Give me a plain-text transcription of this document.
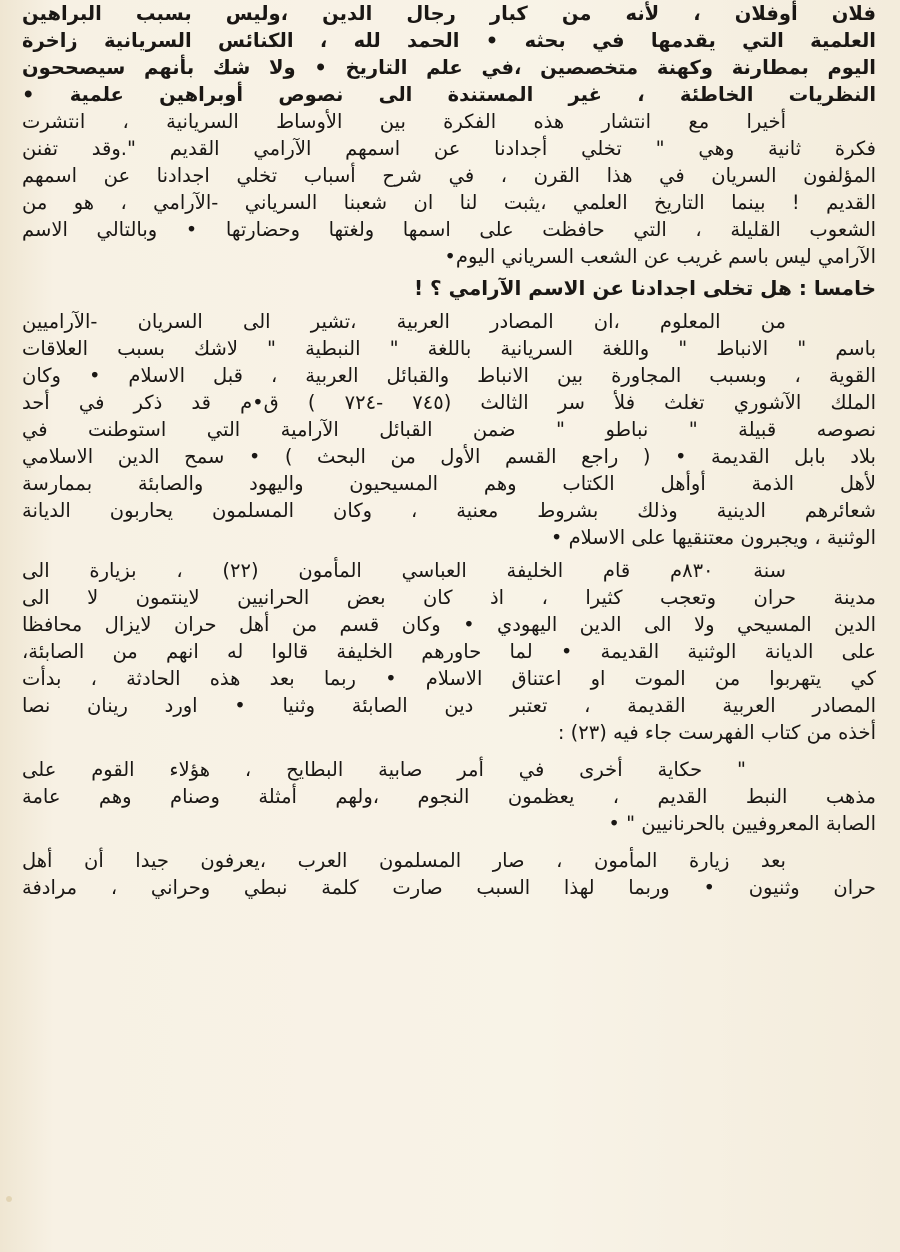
فلان أوفلان ، لأنه من كبار رجال الدين ،وليس بسبب البراهين

العلمية التي يقدمها في بحثه • الحمد لله ، الكنائس السريانية زاخرة

اليوم بمطارنة وكهنة متخصصين ،في علم التاريخ • ولا شك بأنهم سيصححون

النظريات الخاطئة ، غير المستندة الى نصوص أوبراهين علمية •

أخيرا مع انتشار هذه الفكرة بين الأوساط السريانية ، انتشرت

فكرة ثانية وهي " تخلي أجدادنا عن اسمهم الآرامي القديم ".وقد تفنن

المؤلفون السريان في هذا القرن ، في شرح أسباب تخلي اجدادنا عن اسمهم

القديم ! بينما التاريخ العلمي ،يثبت لنا ان شعبنا السرياني -الآرامي ، هو من

الشعوب القليلة ، التي حافظت على اسمها ولغتها وحضارتها • وبالتالي الاسم

الآرامي ليس باسم غريب عن الشعب السرياني اليوم•

خامسا : هل تخلى اجدادنا عن الاسم الآرامي ؟ !

من المعلوم ،ان المصادر العربية ،تشير الى السريان -الآراميين

باسم " الانباط " واللغة السريانية باللغة " النبطية " لاشك بسبب العلاقات

القوية ، وبسبب المجاورة بين الانباط والقبائل العربية ، قبل الاسلام • وكان

الملك الآشوري تغلث فلأ سر الثالث (٧٤٥ -٧٢٤ ) ق•م قد ذكر في أحد

نصوصه قبيلة " نباطو " ضمن القبائل الآرامية التي استوطنت في

بلاد بابل القديمة • ( راجع القسم الأول من البحث ) • سمح الدين الاسلامي

لأهل الذمة أوأهل الكتاب وهم المسيحيون واليهود والصابئة بممارسة

شعائرهم الدينية وذلك بشروط معنية ، وكان المسلمون يحاربون الديانة

الوثنية ، ويجبرون معتنقيها على الاسلام •

سنة ٨٣٠م قام الخليفة العباسي المأمون (٢٢) ، بزيارة الى

مدينة حران وتعجب كثيرا ، اذ كان بعض الحرانيين لاينتمون لا الى

الدين المسيحي ولا الى الدين اليهودي • وكان قسم من أهل حران لايزال محافظا

على الديانة الوثنية القديمة • لما حاورهم الخليفة قالوا له انهم من الصابئة،

كي يتهربوا من الموت او اعتناق الاسلام • ربما بعد هذه الحادثة ، بدأت

المصادر العربية القديمة ، تعتبر دين الصابئة وثنيا • اورد رينان نصا

أخذه من كتاب الفهرست جاء فيه (٢٣) :

" حكاية أخرى في أمر صابية البطايح ، هؤلاء القوم على

مذهب النبط القديم ، يعظمون النجوم ،ولهم أمثلة وصنام وهم عامة

الصابة المعروفيين بالحرنانيين " •

بعد زيارة المأمون ، صار المسلمون العرب ،يعرفون جيدا أن أهل

حران وثنيون • وربما لهذا السبب صارت كلمة نبطي وحراني ، مرادفة
